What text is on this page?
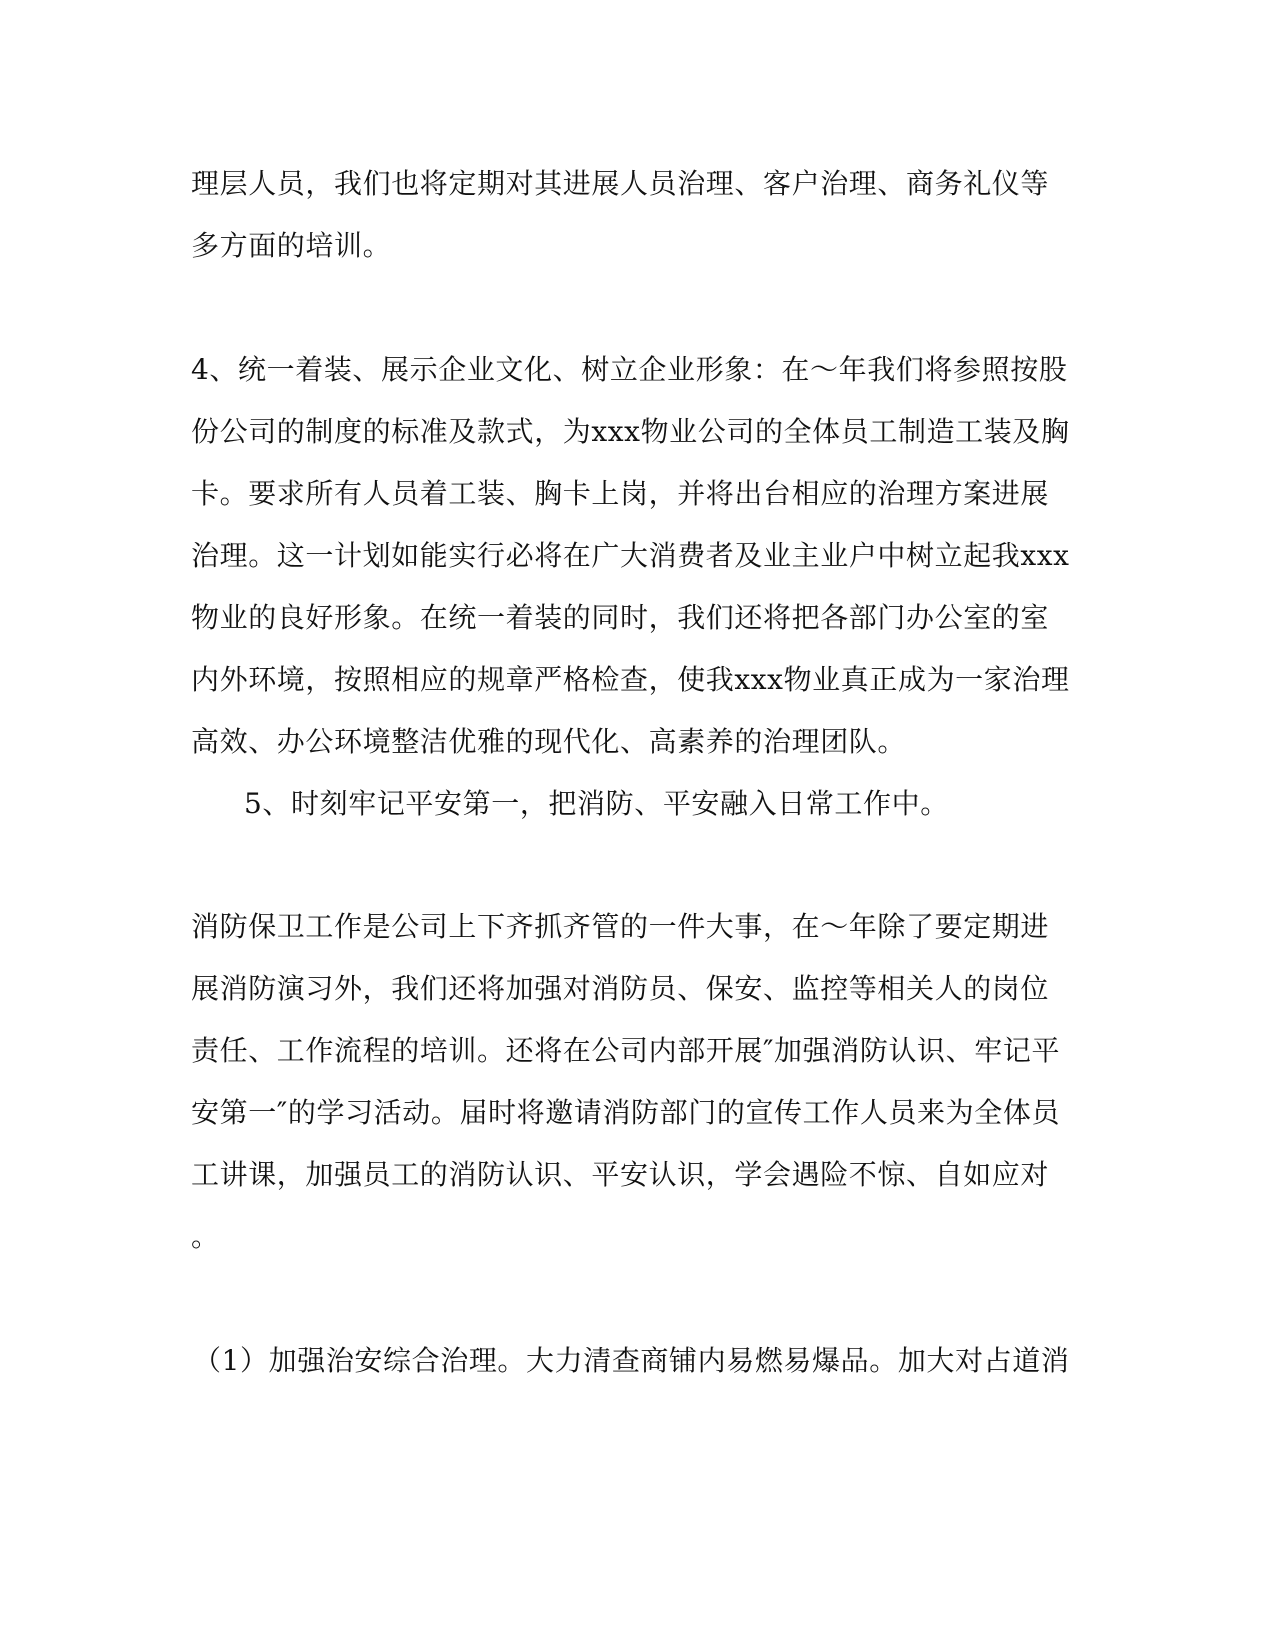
理层人员，我们也将定期对其进展人员治理、客户治理、商务礼仪等
多方面的培训。
4、统一着装、展示企业文化、树立企业形象：在～年我们将参照按股
份公司的制度的标准及款式，为xxx物业公司的全体员工制造工装及胸
卡。要求所有人员着工装、胸卡上岗，并将出台相应的治理方案进展
治理。这一计划如能实行必将在广大消费者及业主业户中树立起我xxx
物业的良好形象。在统一着装的同时，我们还将把各部门办公室的室
内外环境，按照相应的规章严格检查，使我xxx物业真正成为一家治理
高效、办公环境整洁优雅的现代化、高素养的治理团队。
5、时刻牢记平安第一，把消防、平安融入日常工作中。
消防保卫工作是公司上下齐抓齐管的一件大事，在～年除了要定期进
展消防演习外，我们还将加强对消防员、保安、监控等相关人的岗位
责任、工作流程的培训。还将在公司内部开展″加强消防认识、牢记平
安第一″的学习活动。届时将邀请消防部门的宣传工作人员来为全体员
工讲课，加强员工的消防认识、平安认识，学会遇险不惊、自如应对
。
（1）加强治安综合治理。大力清查商铺内易燃易爆品。加大对占道消
